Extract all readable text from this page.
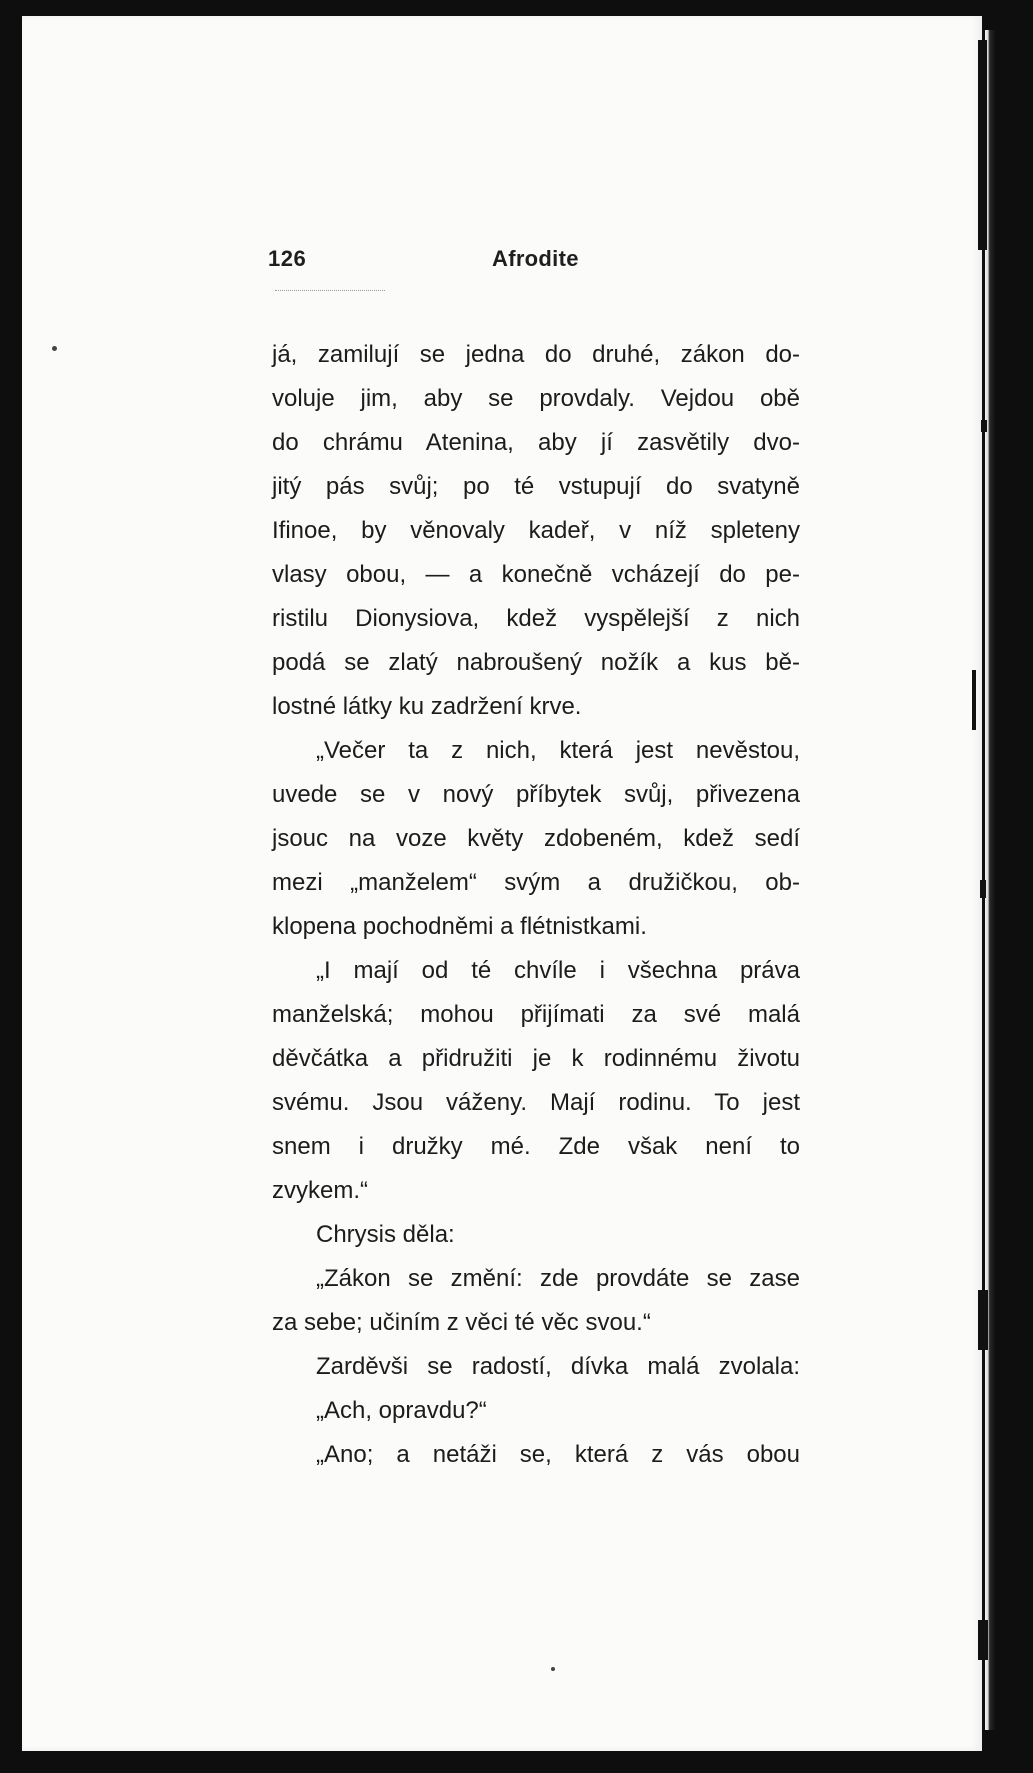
126	Afrodite
já, zamilují se jedna do druhé, zákon do-
voluje jim, aby se provdaly. Vejdou obě
do chrámu Atenina, aby jí zasvětily dvo-
jitý pás svůj; po té vstupují do svatyně
Ifinoe, by věnovaly kadeř, v níž spleteny
vlasy obou, — a konečně vcházejí do pe-
ristilu Dionysiova, kdež vyspělejší z nich
podá se zlatý nabroušený nožík a kus bě-
lostné látky ku zadržení krve.
„Večer ta z nich, která jest nevěstou,
uvede se v nový příbytek svůj, přivezena
jsouc na voze květy zdobeném, kdež sedí
mezi „manželem“ svým a družičkou, ob-
klopena pochodněmi a flétnistkami.
„I mají od té chvíle i všechna práva
manželská; mohou přijímati za své malá
děvčátka a přidružiti je k rodinnému životu
svému. Jsou váženy. Mají rodinu. To jest
snem i družky mé. Zde však není to
zvykem.“
Chrysis děla:
„Zákon se změní: zde provdáte se zase
za sebe; učiním z věci té věc svou.“
Zarděvši se radostí, dívka malá zvolala:
„Ach, opravdu?“
„Ano; a netáži se, která z vás obou
